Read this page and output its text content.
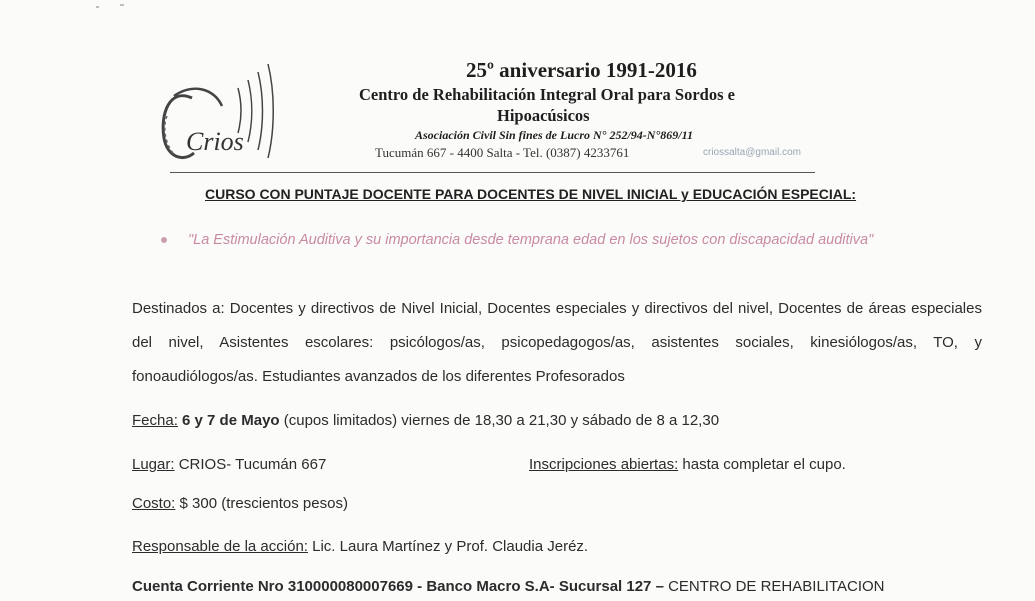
Crios
25º aniversario 1991-2016
Centro de Rehabilitación Integral Oral para Sordos e
Hipoacúsicos
Asociación Civil Sin fines de Lucro N° 252/94-N°869/11
Tucumán 667 - 4400 Salta - Tel. (0387) 4233761	criossalta@gmail.com
CURSO CON PUNTAJE DOCENTE PARA DOCENTES DE NIVEL INICIAL y EDUCACIÓN ESPECIAL:
"La Estimulación Auditiva y su importancia desde temprana edad en los sujetos con discapacidad auditiva"
Destinados a: Docentes y directivos de Nivel Inicial, Docentes especiales y directivos del nivel, Docentes de áreas especiales del nivel, Asistentes escolares: psicólogos/as, psicopedagogos/as, asistentes sociales, kinesiólogos/as, TO, y fonoaudiólogos/as. Estudiantes avanzados de los diferentes Profesorados
Fecha: 6 y 7 de Mayo (cupos limitados) viernes de 18,30 a 21,30 y sábado de 8 a 12,30
Lugar: CRIOS- Tucumán 667	Inscripciones abiertas: hasta completar el cupo.
Costo: $ 300 (trescientos pesos)
Responsable de la acción: Lic. Laura Martínez y Prof. Claudia Jeréz.
Cuenta Corriente Nro 310000080007669 - Banco Macro S.A- Sucursal 127 – CENTRO DE REHABILITACION
